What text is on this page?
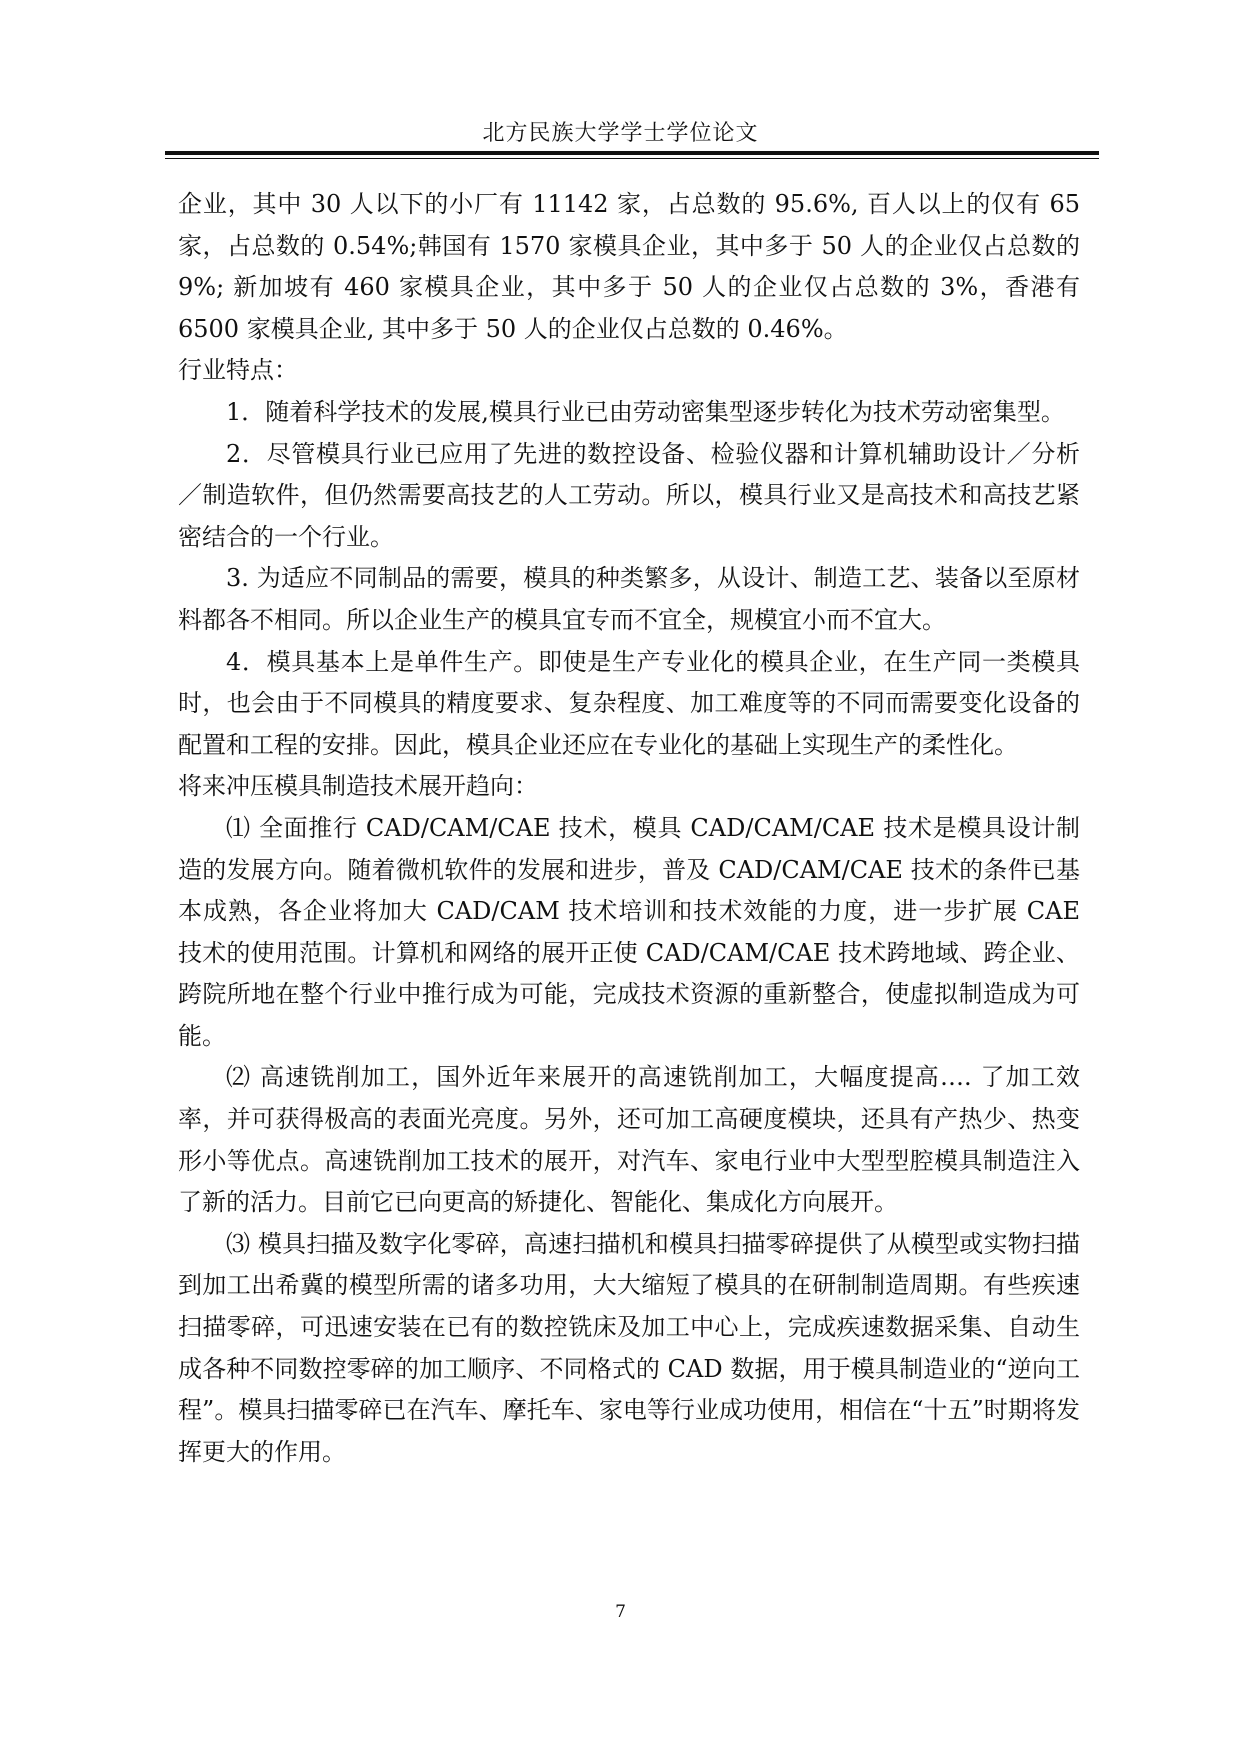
北方民族大学学士学位论文

企业，其中 30 人以下的小厂有 11142 家，占总数的 95.6%, 百人以上的仅有 65 家，占总数的 0.54%;韩国有 1570 家模具企业，其中多于 50 人的企业仅占总数的 9%; 新加坡有 460 家模具企业，其中多于 50 人的企业仅占总数的 3%，香港有 6500 家模具企业, 其中多于 50 人的企业仅占总数的 0.46%。

行业特点：

1．随着科学技术的发展,模具行业已由劳动密集型逐步转化为技术劳动密集型。

2．尽管模具行业已应用了先进的数控设备、检验仪器和计算机辅助设计／分析／制造软件，但仍然需要高技艺的人工劳动。所以，模具行业又是高技术和高技艺紧密结合的一个行业。

3. 为适应不同制品的需要，模具的种类繁多，从设计、制造工艺、装备以至原材料都各不相同。所以企业生产的模具宜专而不宜全，规模宜小而不宜大。

4．模具基本上是单件生产。即使是生产专业化的模具企业，在生产同一类模具时，也会由于不同模具的精度要求、复杂程度、加工难度等的不同而需要变化设备的配置和工程的安排。因此，模具企业还应在专业化的基础上实现生产的柔性化。

将来冲压模具制造技术展开趋向：

⑴ 全面推行 CAD/CAM/CAE 技术，模具 CAD/CAM/CAE 技术是模具设计制造的发展方向。随着微机软件的发展和进步，普及 CAD/CAM/CAE 技术的条件已基本成熟，各企业将加大 CAD/CAM 技术培训和技术效能的力度，进一步扩展 CAE 技术的使用范围。计算机和网络的展开正使 CAD/CAM/CAE 技术跨地域、跨企业、跨院所地在整个行业中推行成为可能，完成技术资源的重新整合，使虚拟制造成为可能。

⑵ 高速铣削加工，国外近年来展开的高速铣削加工，大幅度提高…. 了加工效率，并可获得极高的表面光亮度。另外，还可加工高硬度模块，还具有产热少、热变形小等优点。高速铣削加工技术的展开，对汽车、家电行业中大型型腔模具制造注入了新的活力。目前它已向更高的矫捷化、智能化、集成化方向展开。

⑶ 模具扫描及数字化零碎，高速扫描机和模具扫描零碎提供了从模型或实物扫描到加工出希冀的模型所需的诸多功用，大大缩短了模具的在研制制造周期。有些疾速扫描零碎，可迅速安装在已有的数控铣床及加工中心上，完成疾速数据采集、自动生成各种不同数控零碎的加工顺序、不同格式的 CAD 数据，用于模具制造业的“逆向工程”。模具扫描零碎已在汽车、摩托车、家电等行业成功使用，相信在“十五”时期将发挥更大的作用。

7
